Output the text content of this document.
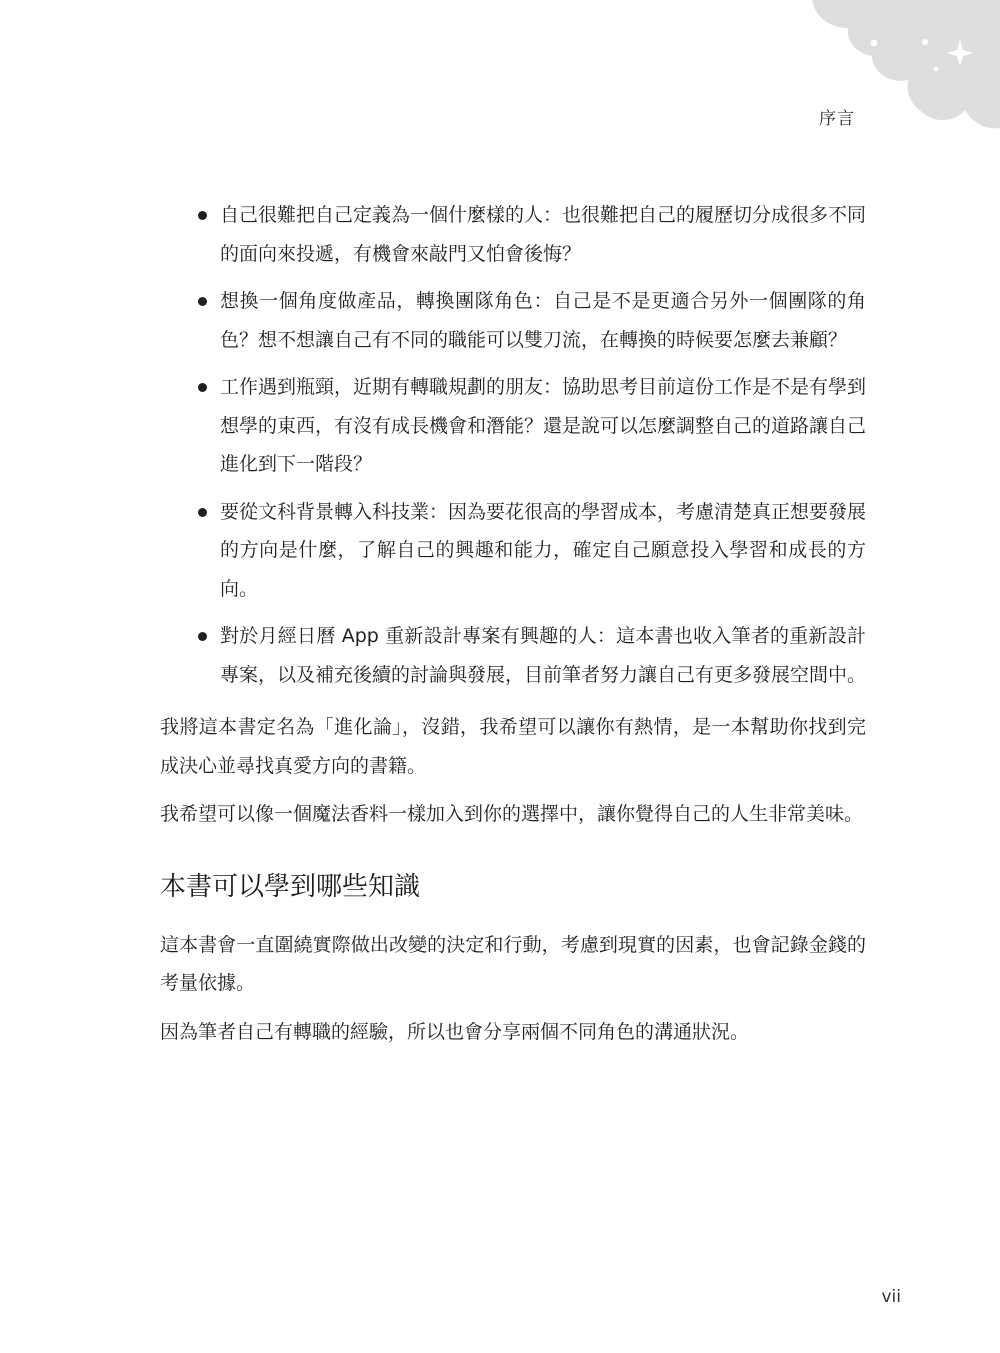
序言
自己很難把自己定義為一個什麼樣的人：也很難把自己的履歷切分成很多不同的面向來投遞，有機會來敲門又怕會後悔？
想換一個角度做產品，轉換團隊角色：自己是不是更適合另外一個團隊的角色？想不想讓自己有不同的職能可以雙刀流，在轉換的時候要怎麼去兼顧？
工作遇到瓶頸，近期有轉職規劃的朋友：協助思考目前這份工作是不是有學到想學的東西，有沒有成長機會和潛能？還是說可以怎麼調整自己的道路讓自己進化到下一階段？
要從文科背景轉入科技業：因為要花很高的學習成本，考慮清楚真正想要發展的方向是什麼，了解自己的興趣和能力，確定自己願意投入學習和成長的方向。
對於月經日曆 App 重新設計專案有興趣的人：這本書也收入筆者的重新設計專案，以及補充後續的討論與發展，目前筆者努力讓自己有更多發展空間中。

我將這本書定名為「進化論」，沒錯，我希望可以讓你有熱情，是一本幫助你找到完成決心並尋找真愛方向的書籍。

我希望可以像一個魔法香料一樣加入到你的選擇中，讓你覺得自己的人生非常美味。

本書可以學到哪些知識

這本書會一直圍繞實際做出改變的決定和行動，考慮到現實的因素，也會記錄金錢的考量依據。

因為筆者自己有轉職的經驗，所以也會分享兩個不同角色的溝通狀況。

vii
